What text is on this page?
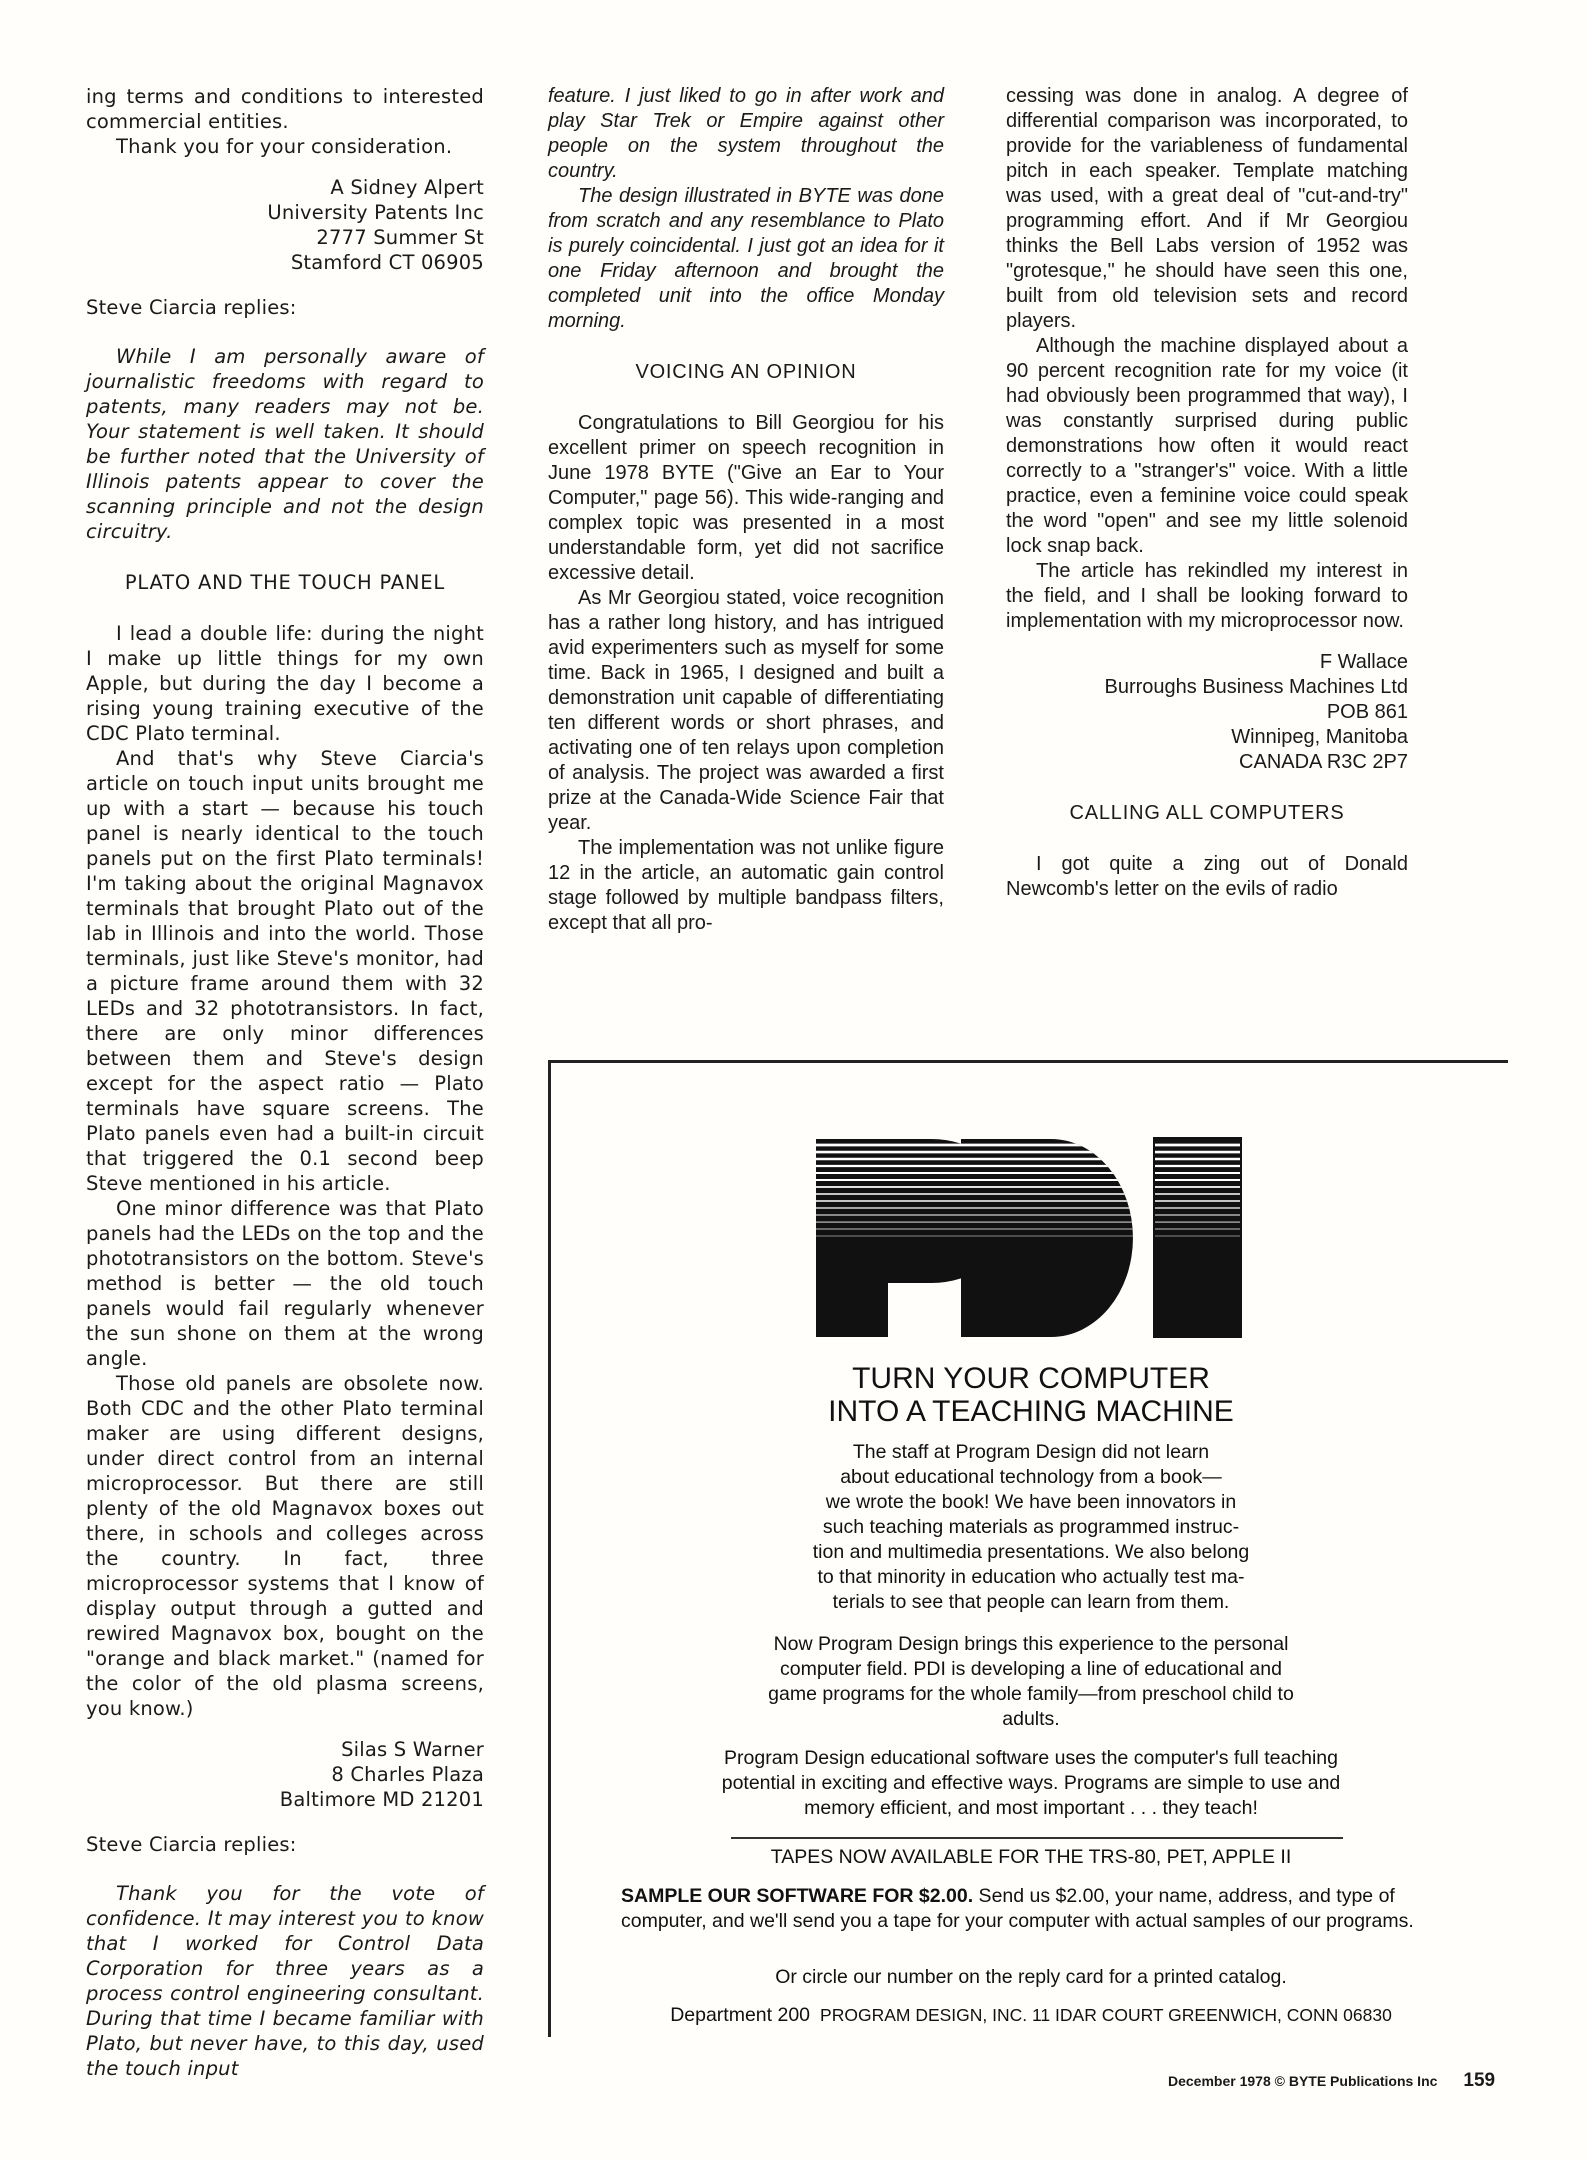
ing terms and conditions to interested commercial entities.

Thank you for your consideration.

A Sidney Alpert
University Patents Inc
2777 Summer St
Stamford CT 06905
Steve Ciarcia replies:

While I am personally aware of journalistic freedoms with regard to patents, many readers may not be. Your statement is well taken. It should be further noted that the University of Illinois patents appear to cover the scanning principle and not the design circuitry.

PLATO AND THE TOUCH PANEL

I lead a double life: during the night I make up little things for my own Apple, but during the day I become a rising young training executive of the CDC Plato terminal.

And that's why Steve Ciarcia's article on touch input units brought me up with a start — because his touch panel is nearly identical to the touch panels put on the first Plato terminals! I'm taking about the original Magnavox terminals that brought Plato out of the lab in Illinois and into the world. Those terminals, just like Steve's monitor, had a picture frame around them with 32 LEDs and 32 phototransistors. In fact, there are only minor differences between them and Steve's design except for the aspect ratio — Plato terminals have square screens. The Plato panels even had a built-in circuit that triggered the 0.1 second beep Steve mentioned in his article.

One minor difference was that Plato panels had the LEDs on the top and the phototransistors on the bottom. Steve's method is better — the old touch panels would fail regularly whenever the sun shone on them at the wrong angle.

Those old panels are obsolete now. Both CDC and the other Plato terminal maker are using different designs, under direct control from an internal microprocessor. But there are still plenty of the old Magnavox boxes out there, in schools and colleges across the country. In fact, three microprocessor systems that I know of display output through a gutted and rewired Magnavox box, bought on the "orange and black market." (named for the color of the old plasma screens, you know.)

Silas S Warner
8 Charles Plaza
Baltimore MD 21201
Steve Ciarcia replies:

Thank you for the vote of confidence. It may interest you to know that I worked for Control Data Corporation for three years as a process control engineering consultant. During that time I became familiar with Plato, but never have, to this day, used the touch input

feature. I just liked to go in after work and play Star Trek or Empire against other people on the system throughout the country.

The design illustrated in BYTE was done from scratch and any resemblance to Plato is purely coincidental. I just got an idea for it one Friday afternoon and brought the completed unit into the office Monday morning.

VOICING AN OPINION

Congratulations to Bill Georgiou for his excellent primer on speech recognition in June 1978 BYTE ("Give an Ear to Your Computer," page 56). This wide-ranging and complex topic was presented in a most understandable form, yet did not sacrifice excessive detail.

As Mr Georgiou stated, voice recognition has a rather long history, and has intrigued avid experimenters such as myself for some time. Back in 1965, I designed and built a demonstration unit capable of differentiating ten different words or short phrases, and activating one of ten relays upon completion of analysis. The project was awarded a first prize at the Canada-Wide Science Fair that year.

The implementation was not unlike figure 12 in the article, an automatic gain control stage followed by multiple bandpass filters, except that all pro-

cessing was done in analog. A degree of differential comparison was incorporated, to provide for the variableness of fundamental pitch in each speaker. Template matching was used, with a great deal of "cut-and-try" programming effort. And if Mr Georgiou thinks the Bell Labs version of 1952 was "grotesque," he should have seen this one, built from old television sets and record players.

Although the machine displayed about a 90 percent recognition rate for my voice (it had obviously been programmed that way), I was constantly surprised during public demonstrations how often it would react correctly to a "stranger's" voice. With a little practice, even a feminine voice could speak the word "open" and see my little solenoid lock snap back.

The article has rekindled my interest in the field, and I shall be looking forward to implementation with my microprocessor now.

F Wallace
Burroughs Business Machines Ltd
POB 861
Winnipeg, Manitoba
CANADA R3C 2P7
CALLING ALL COMPUTERS

I got quite a zing out of Donald Newcomb's letter on the evils of radio

TURN YOUR COMPUTER
INTO A TEACHING MACHINE
The staff at Program Design did not learn
about educational technology from a book—
we wrote the book! We have been innovators in
such teaching materials as programmed instruc-
tion and multimedia presentations. We also belong
to that minority in education who actually test ma-
terials to see that people can learn from them.
Now Program Design brings this experience to the personal
computer field. PDI is developing a line of educational and
game programs for the whole family—from preschool child to
adults.
Program Design educational software uses the computer's full teaching
potential in exciting and effective ways. Programs are simple to use and
memory efficient, and most important . . . they teach!
TAPES NOW AVAILABLE FOR THE TRS-80, PET, APPLE II
SAMPLE OUR SOFTWARE FOR $2.00. Send us $2.00, your name, address, and type of computer, and we'll send you a tape for your computer with actual samples of our programs.
Or circle our number on the reply card for a printed catalog.
Department 200 PROGRAM DESIGN, INC. 11 IDAR COURT GREENWICH, CONN 06830
December 1978 © BYTE Publications Inc 159
